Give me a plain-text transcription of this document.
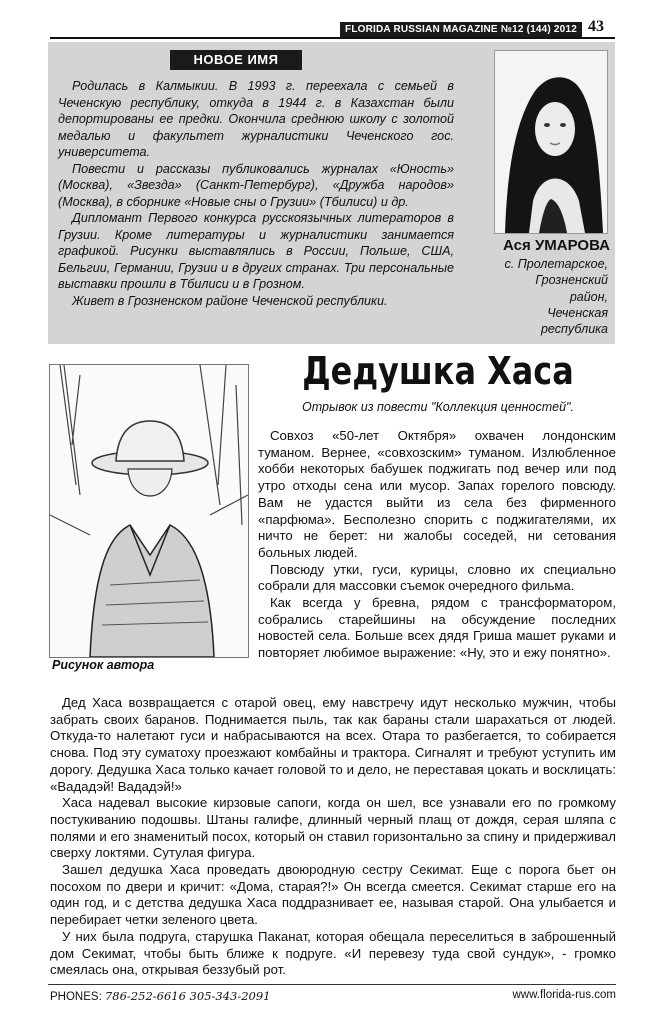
FLORIDA RUSSIAN MAGAZINE №12 (144) 2012 43
НОВОЕ ИМЯ

Родилась в Калмыкии. В 1993 г. переехала с семьей в Чеченскую республику, откуда в 1944 г. в Казахстан были депортированы ее предки. Окончила среднюю школу с золотой медалью и факультет журналистики Чеченского гос. университета.

Повести и рассказы публиковались журналах «Юность» (Москва), «Звезда» (Санкт-Петербург), «Дружба народов» (Москва), в сборнике «Новые сны о Грузии» (Тбилиси) и др.

Дипломант Первого конкурса русскоязычных литераторов в Грузии. Кроме литературы и журналистики занимается графикой. Рисунки выставлялись в России, Польше, США, Бельгии, Германии, Грузии и в других странах. Три персональные выставки прошли в Тбилиси и в Грозном.

Живет в Грозненском районе Чеченской республики.

Ася УМАРОВА
с. Пролетарское,
Грозненский
район,
Чеченская
республика
Рисунок автора
Дедушка Хаса
Отрывок из повести "Коллекция ценностей".

Совхоз «50-лет Октября» охвачен лондонским туманом. Вернее, «совхозским» туманом. Излюбленное хобби некоторых бабушек поджигать под вечер или под утро отходы сена или мусор. Запах горелого повсюду. Вам не удастся выйти из села без фирменного «парфюма». Бесполезно спорить с поджигателями, их ничто не берет: ни жалобы соседей, ни сетования больных людей.

Повсюду утки, гуси, курицы, словно их специально собрали для массовки съемок очередного фильма.

Как всегда у бревна, рядом с трансформатором, собрались старейшины на обсуждение последних новостей села. Больше всех дядя Гриша машет руками и повторяет любимое выражение: «Ну, это и ежу понятно».

Дед Хаса возвращается с отарой овец, ему навстречу идут несколько мужчин, чтобы забрать своих баранов. Поднимается пыль, так как бараны стали шарахаться от людей. Откуда-то налетают гуси и набрасываются на всех. Отара то разбегается, то собирается снова. Под эту суматоху проезжают комбайны и трактора. Сигналят и требуют уступить им дорогу. Дедушка Хаса только качает головой то и дело, не переставая цокать и восклицать: «Вададэй! Вададэй!»

Хаса надевал высокие кирзовые сапоги, когда он шел, все узнавали его по громкому постукиванию подошвы. Штаны галифе, длинный черный плащ от дождя, серая шляпа с полями и его знаменитый посох, который он ставил горизонтально за спину и придерживал сверху локтями. Сутулая фигура.

Зашел дедушка Хаса проведать двоюродную сестру Секимат. Еще с порога бьет он посохом по двери и кричит: «Дома, старая?!» Он всегда смеется. Секимат старше его на один год, и с детства дедушка Хаса поддразнивает ее, называя старой. Она улыбается и перебирает четки зеленого цвета.

У них была подруга, старушка Паканат, которая обещала переселиться в заброшенный дом Секимат, чтобы быть ближе к подруге. «И перевезу туда свой сундук», - громко смеялась она, открывая беззубый рот.

PHONES: 786-252-6616 305-343-2091	www.florida-rus.com
